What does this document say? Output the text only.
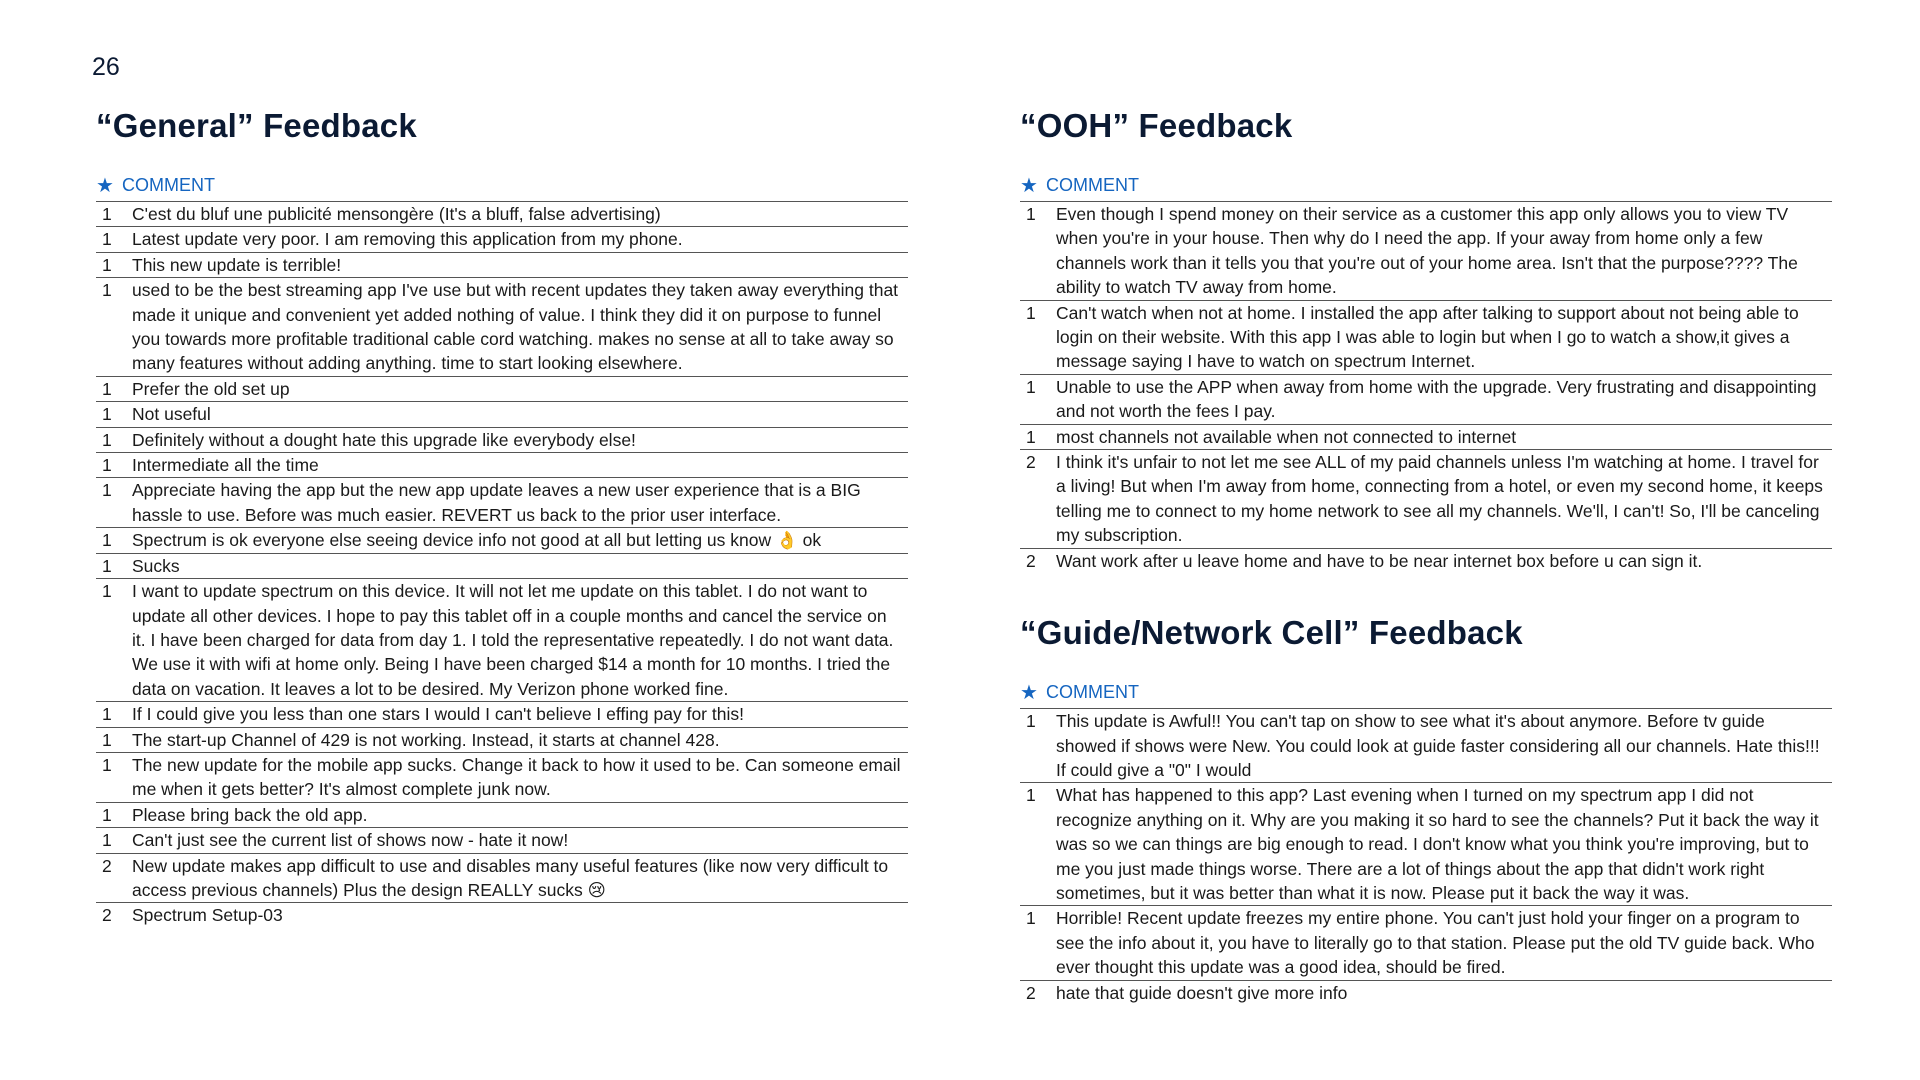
26
“General” Feedback
★ COMMENT
1	C'est du bluf une publicité mensongère (It's a bluff, false advertising)
1	Latest update very poor. I am removing this application from my phone.
1	This new update is terrible!
1	used to be the best streaming app I've use but with recent updates they taken away everything that made it unique and convenient yet added nothing of value. I think they did it on purpose to funnel you towards more profitable traditional cable cord watching. makes no sense at all to take away so many features without adding anything. time to start looking elsewhere.
1	Prefer the old set up
1	Not useful
1	Definitely without a dought hate this upgrade like everybody else!
1	Intermediate all the time
1	Appreciate having the app but the new app update leaves a new user experience that is a BIG hassle to use. Before was much easier. REVERT us back to the prior user interface.
1	Spectrum is ok everyone else seeing device info not good at all but letting us know 👌 ok
1	Sucks
1	I want to update spectrum on this device. It will not let me update on this tablet. I do not want to update all other devices. I hope to pay this tablet off in a couple months and cancel the service on it. I have been charged for data from day 1. I told the representative repeatedly. I do not want data. We use it with wifi at home only. Being I have been charged $14 a month for 10 months. I tried the data on vacation. It leaves a lot to be desired. My Verizon phone worked fine.
1	If I could give you less than one stars I would I can't believe I effing pay for this!
1	The start-up Channel of 429 is not working. Instead, it starts at channel 428.
1	The new update for the mobile app sucks. Change it back to how it used to be. Can someone email me when it gets better? It's almost complete junk now.
1	Please bring back the old app.
1	Can't just see the current list of shows now - hate it now!
2	New update makes app difficult to use and disables many useful features (like now very difficult to access previous channels) Plus the design REALLY sucks 😢
2	Spectrum Setup-03
“OOH” Feedback
★ COMMENT
1	Even though I spend money on their service as a customer this app only allows you to view TV when you're in your house. Then why do I need the app. If your away from home only a few channels work than it tells you that you're out of your home area. Isn't that the purpose???? The ability to watch TV away from home.
1	Can't watch when not at home. I installed the app after talking to support about not being able to login on their website. With this app I was able to login but when I go to watch a show,it gives a message saying I have to watch on spectrum Internet.
1	Unable to use the APP when away from home with the upgrade. Very frustrating and disappointing and not worth the fees I pay.
1	most channels not available when not connected to internet
2	I think it's unfair to not let me see ALL of my paid channels unless I'm watching at home. I travel for a living! But when I'm away from home, connecting from a hotel, or even my second home, it keeps telling me to connect to my home network to see all my channels. We'll, I can't! So, I'll be canceling my subscription.
2	Want work after u leave home and have to be near internet box before u can sign it.
“Guide/Network Cell” Feedback
★ COMMENT
1	This update is Awful!! You can't tap on show to see what it's about anymore. Before tv guide showed if shows were New. You could look at guide faster considering all our channels. Hate this!!! If could give a "0" I would
1	What has happened to this app? Last evening when I turned on my spectrum app I did not recognize anything on it. Why are you making it so hard to see the channels? Put it back the way it was so we can things are big enough to read. I don't know what you think you're improving, but to me you just made things worse. There are a lot of things about the app that didn't work right sometimes, but it was better than what it is now. Please put it back the way it was.
1	Horrible! Recent update freezes my entire phone. You can't just hold your finger on a program to see the info about it, you have to literally go to that station. Please put the old TV guide back. Who ever thought this update was a good idea, should be fired.
2	hate that guide doesn't give more info
